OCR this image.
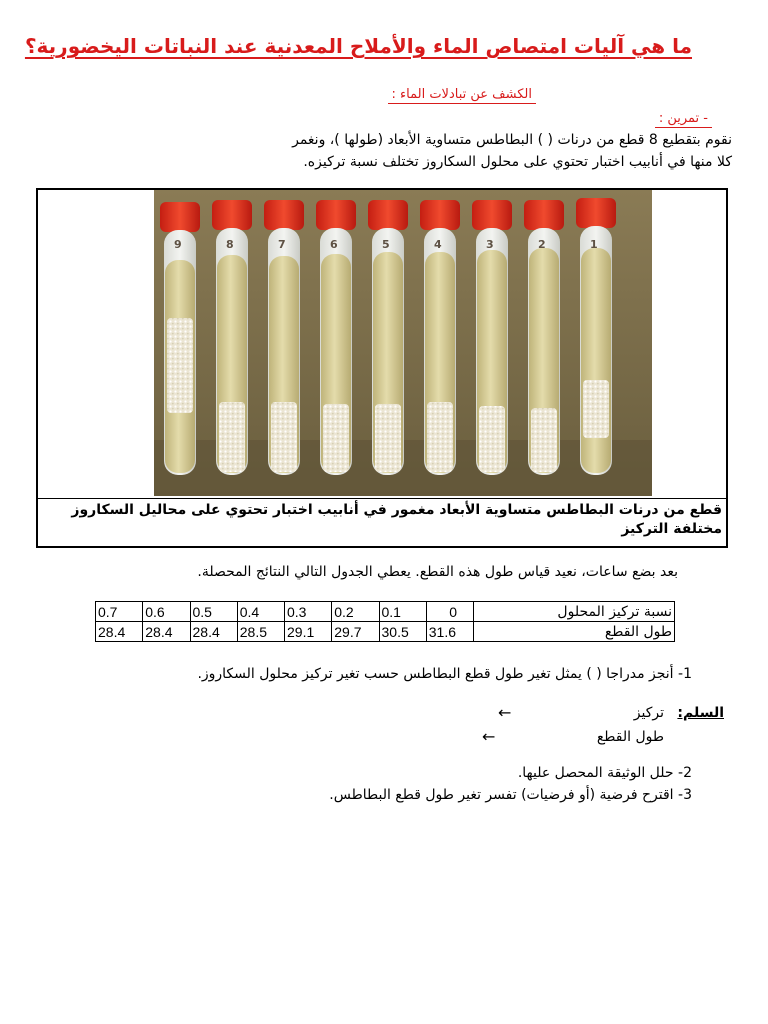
ما هي آليات امتصاص الماء والأملاح المعدنية عند النباتات اليخضورية؟
الكشف عن تبادلات الماء :
- تمرين :
نقوم بتقطيع 8 قطع من درنات ( ) البطاطس متساوية الأبعاد (طولها )، ونغمر
كلا منها في أنابيب اختبار تحتوي على محلول السكاروز تختلف نسبة تركيزه.
9	8	7	6	5	4	3	2	1
قطع من درنات البطاطس متساوية الأبعاد مغمور في أنابيب اختبار تحتوي على محاليل السكاروز مختلفة التركيز
بعد بضع ساعات، نعيد قياس طول هذه القطع. يعطي الجدول التالي النتائج المحصلة.
0.7	0.6	0.5	0.4	0.3	0.2	0.1	0	نسبة تركيز المحلول
28.4	28.4	28.4	28.5	29.1	29.7	30.5	31.6	طول القطع
1- أنجز مدراجا ( ) يمثل تغير طول قطع البطاطس حسب تغير تركيز محلول السكاروز.
السلم:
تركيز
←
طول القطع
←
2- حلل الوثيقة المحصل عليها.
3- اقترح فرضية (أو فرضيات) تفسر تغير طول قطع البطاطس.
